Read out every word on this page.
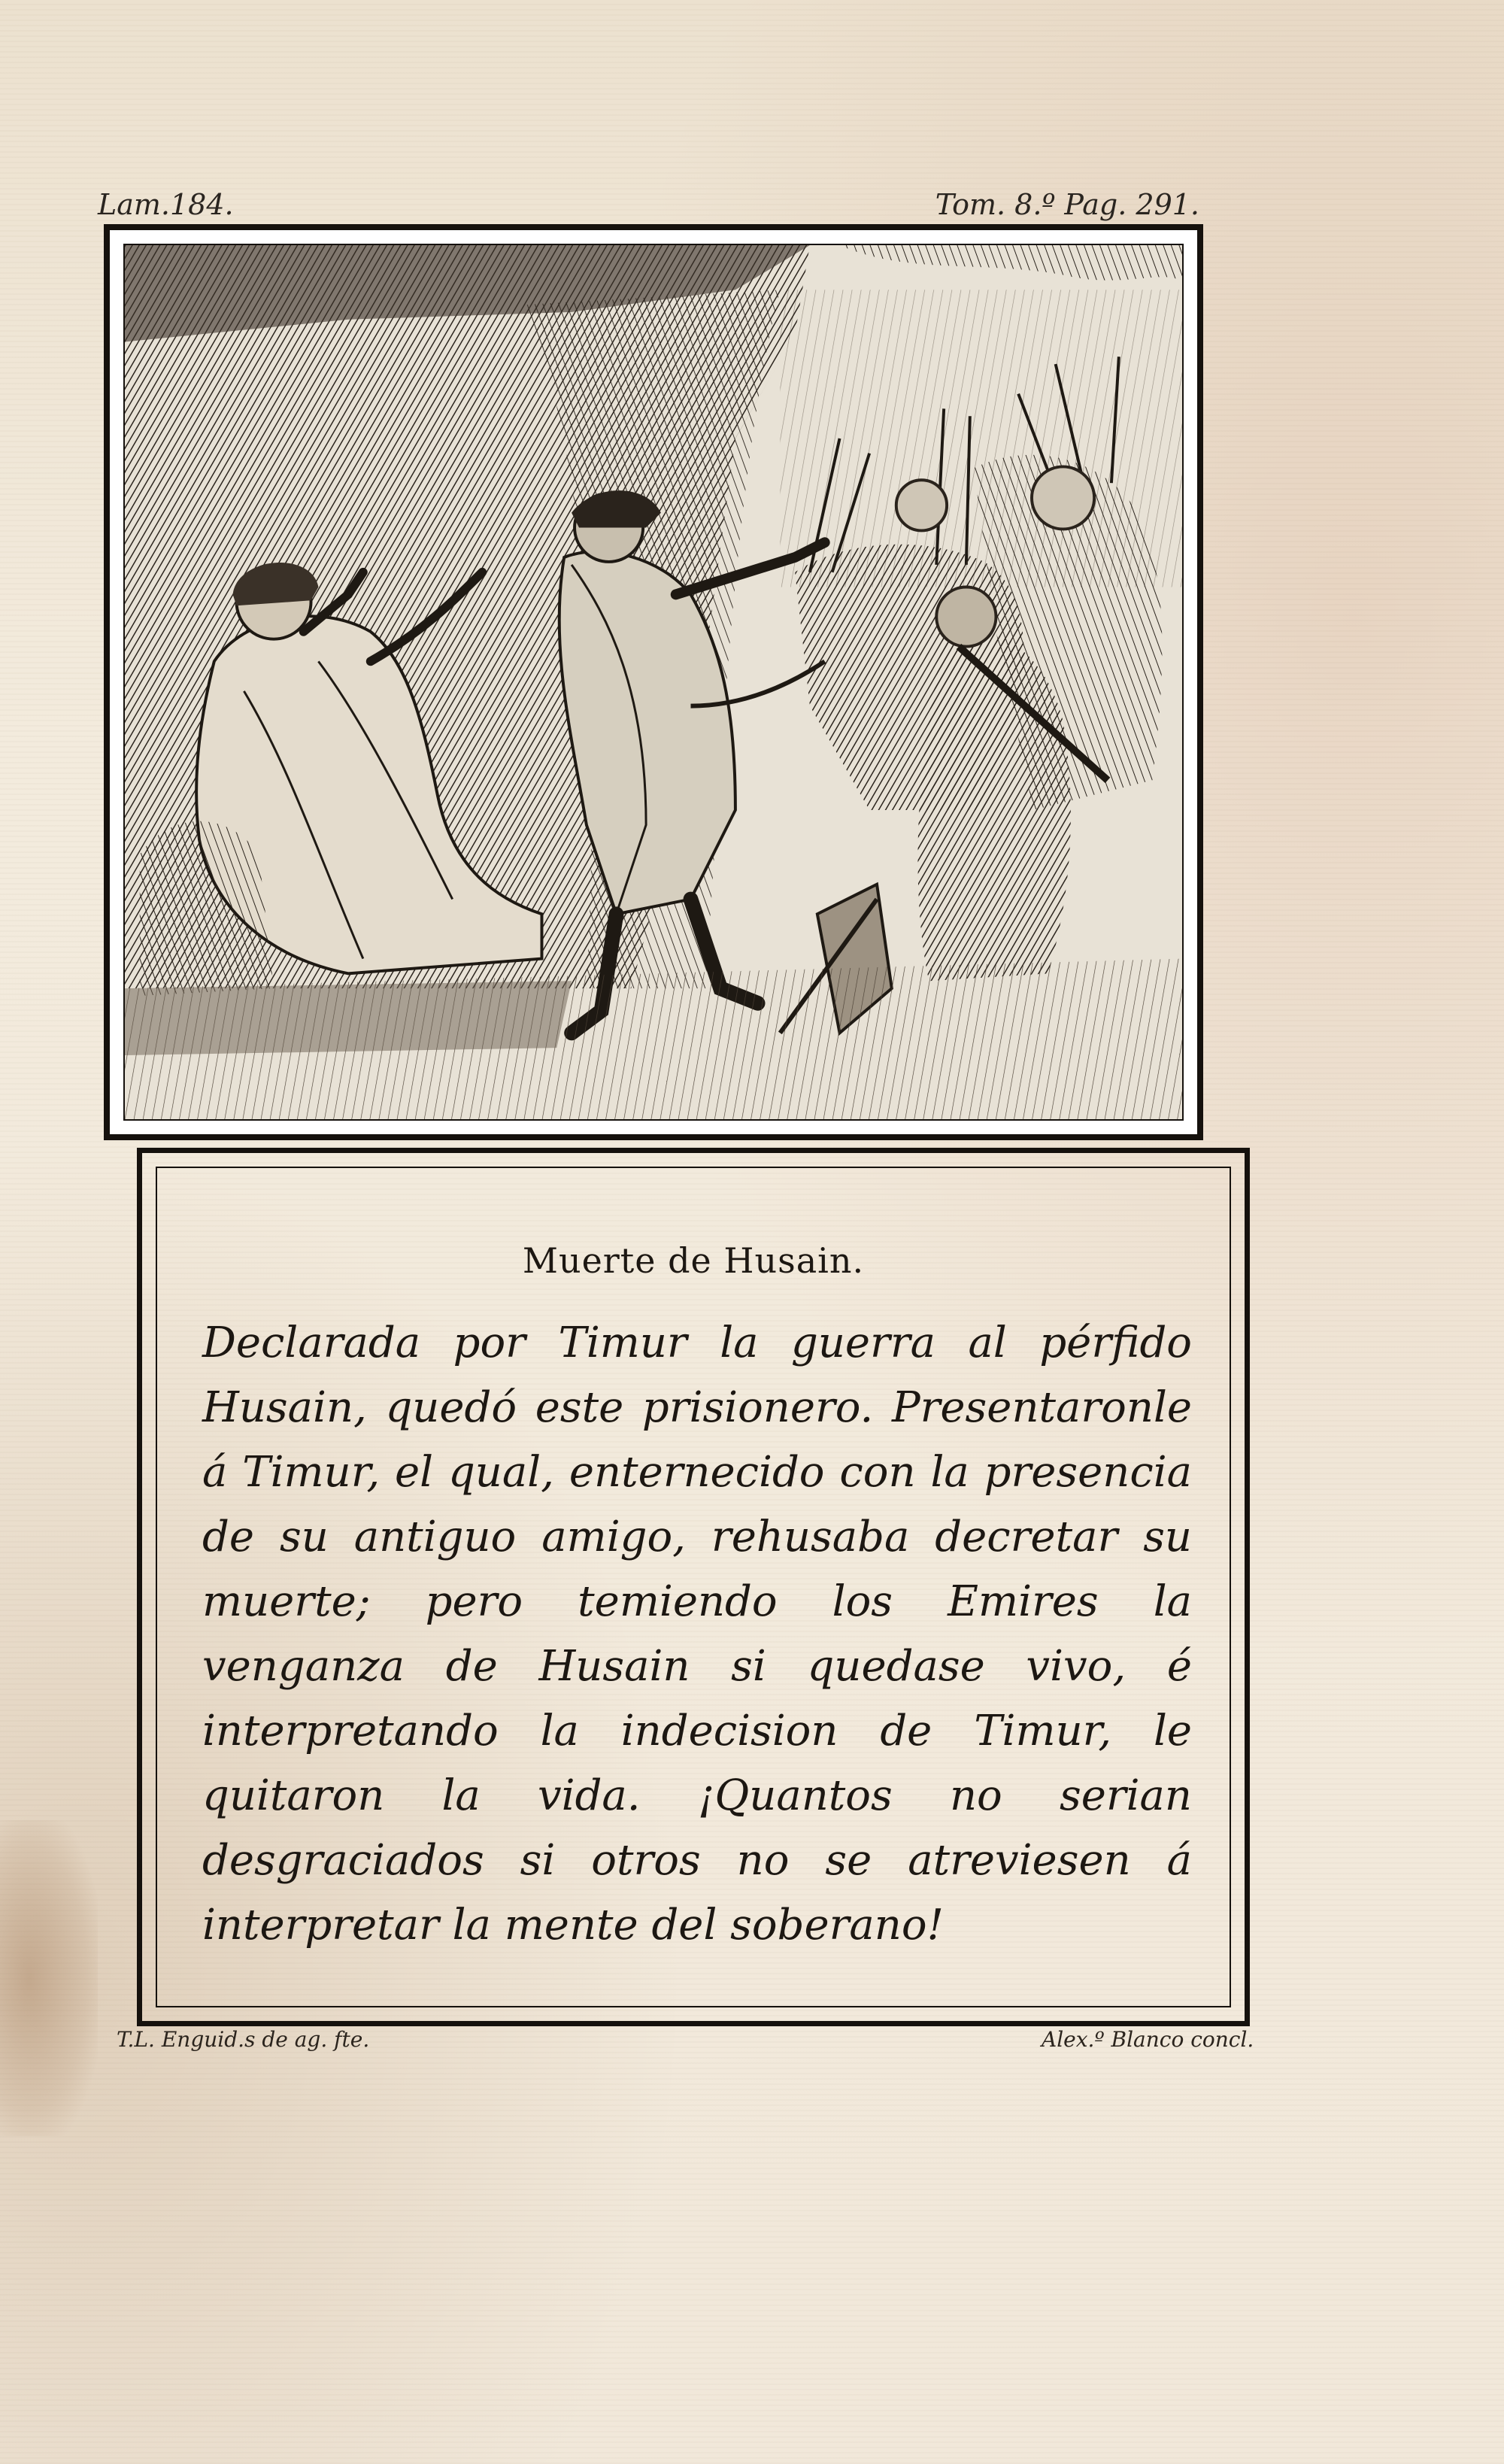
Lam.184.	Tom. 8.º Pag. 291.
Muerte de Husain.
Declarada por Timur la guerra al pérfido Husain, quedó este prisionero. Presentaronle á Timur, el qual, enternecido con la presencia de su antiguo amigo, rehusaba decretar su muerte; pero temiendo los Emires la venganza de Husain si quedase vivo, é interpretando la indecision de Timur, le quitaron la vida. ¡Quantos no serian desgraciados si otros no se atreviesen á interpretar la mente del soberano!
T.L. Enguid.s de ag. fte.	Alex.º Blanco concl.
